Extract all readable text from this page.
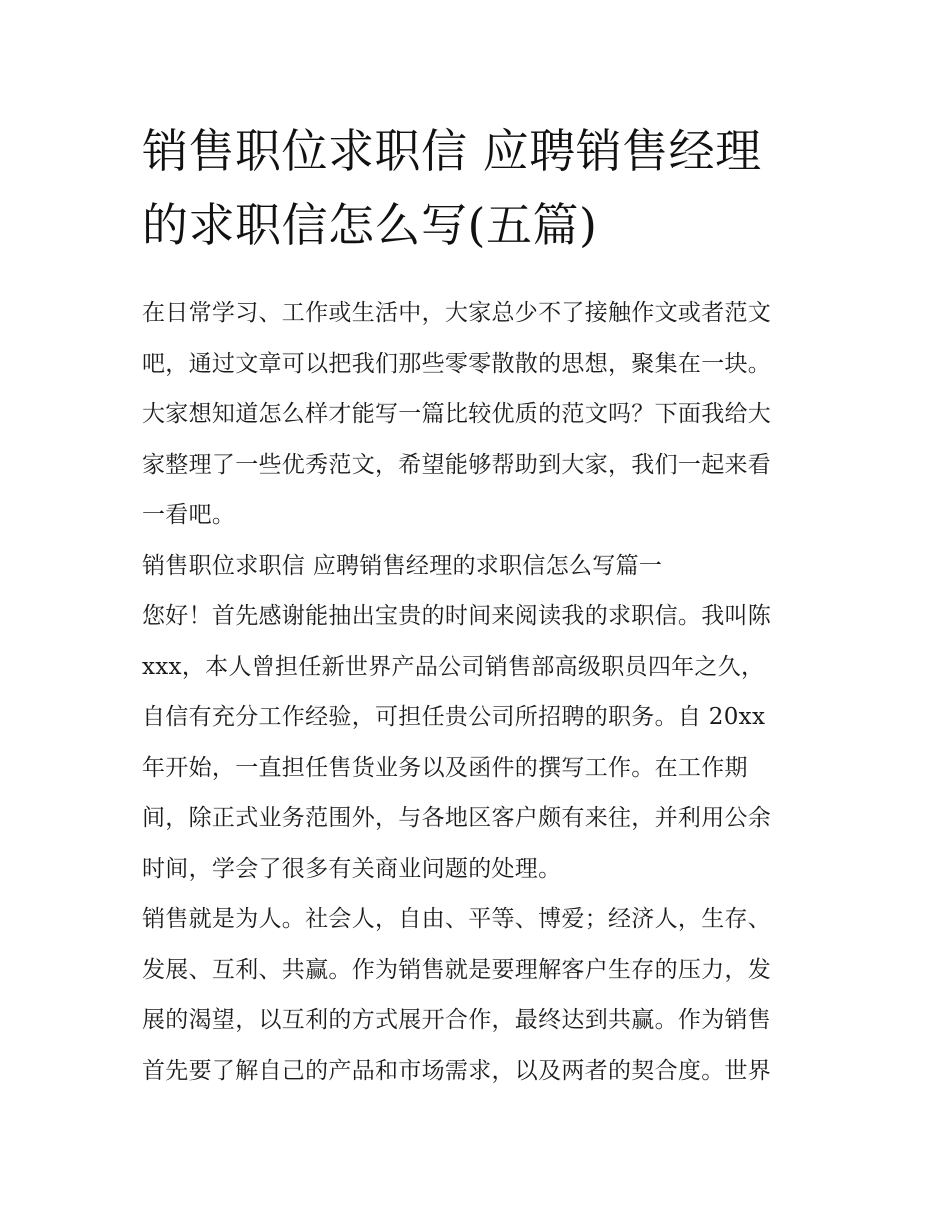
销售职位求职信 应聘销售经理
的求职信怎么写(五篇)

在日常学习、工作或生活中，大家总少不了接触作文或者范文
吧，通过文章可以把我们那些零零散散的思想，聚集在一块。
大家想知道怎么样才能写一篇比较优质的范文吗？下面我给大
家整理了一些优秀范文，希望能够帮助到大家，我们一起来看
一看吧。

销售职位求职信 应聘销售经理的求职信怎么写篇一

您好！首先感谢能抽出宝贵的时间来阅读我的求职信。我叫陈
xxx，本人曾担任新世界产品公司销售部高级职员四年之久，
自信有充分工作经验，可担任贵公司所招聘的职务。自 20xx
年开始，一直担任售货业务以及函件的撰写工作。在工作期
间，除正式业务范围外，与各地区客户颇有来往，并利用公余
时间，学会了很多有关商业问题的处理。

销售就是为人。社会人，自由、平等、博爱；经济人，生存、
发展、互利、共赢。作为销售就是要理解客户生存的压力，发
展的渴望，以互利的方式展开合作，最终达到共赢。作为销售
首先要了解自己的产品和市场需求，以及两者的契合度。世界
